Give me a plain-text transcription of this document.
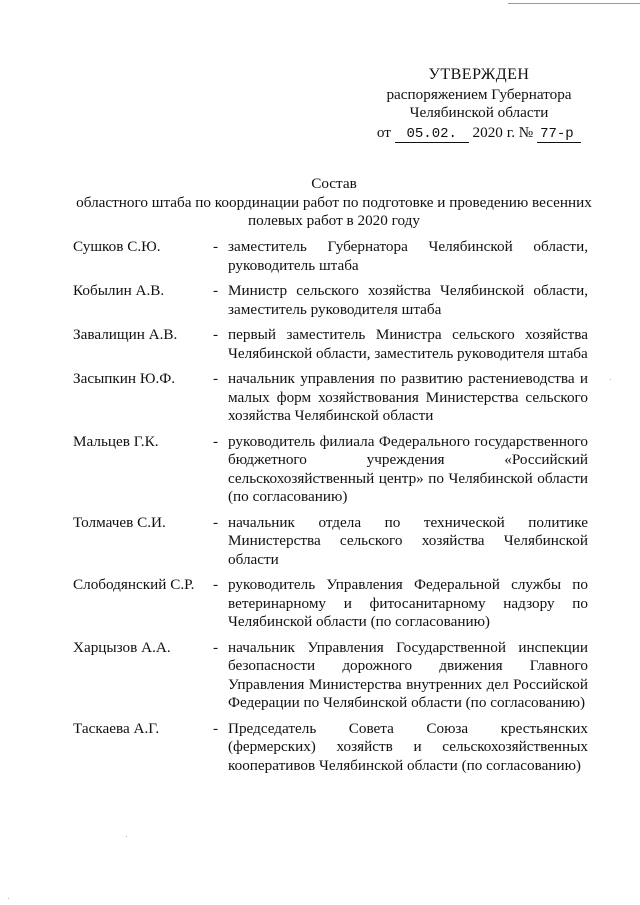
УТВЕРЖДЕН
распоряжением Губернатора
Челябинской области
от 05.02. 2020 г. № 77-р
Состав
областного штаба по координации работ по подготовке и проведению весенних полевых работ в 2020 году
Сушков С.Ю.	- заместитель Губернатора Челябинской области, руководитель штаба
Кобылин А.В.	- Министр сельского хозяйства Челябинской области, заместитель руководителя штаба
Завалищин А.В.	- первый заместитель Министра сельского хозяйства Челябинской области, заместитель руководителя штаба
Засыпкин Ю.Ф.	- начальник управления по развитию растениеводства и малых форм хозяйствования Министерства сельского хозяйства Челябинской области
Мальцев Г.К.	- руководитель филиала Федерального государственного бюджетного учреждения «Российский сельскохозяйственный центр» по Челябинской области (по согласованию)
Толмачев С.И.	- начальник отдела по технической политике Министерства сельского хозяйства Челябинской области
Слободянский С.Р.	- руководитель Управления Федеральной службы по ветеринарному и фитосанитарному надзору по Челябинской области (по согласованию)
Харцызов А.А.	- начальник Управления Государственной инспекции безопасности дорожного движения Главного Управления Министерства внутренних дел Российской Федерации по Челябинской области (по согласованию)
Таскаева А.Г.	- Председатель Совета Союза крестьянских (фермерских) хозяйств и сельскохозяйственных кооперативов Челябинской области (по согласованию)
